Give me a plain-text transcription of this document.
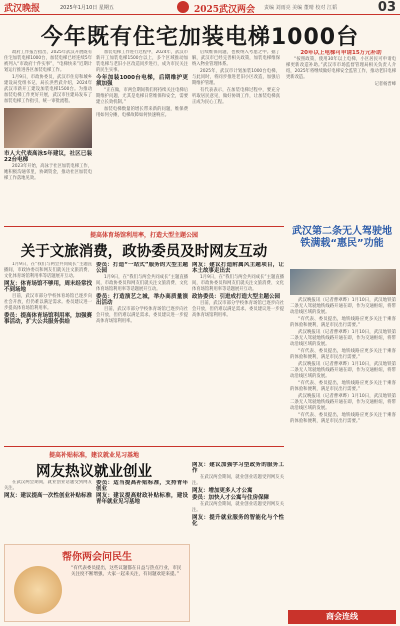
武汉晚报	2025年1月10日 星期五	2025武汉两会 责编 刘雨亮 美编 董晴 校对 江韬	03
今年既有住宅加装电梯1000台

政府工作报告指出，2025年武汉开展既有住宅加装电梯1000台，加装电梯已经连续5年被列入“市政府十件实事”，“电梯快来”近期计划运行推进各区加装电梯工作。

1月9日，市政协委员，武汉市住房和城乡建设局党组书记、局长洪哲武介绍，2024年武汉市新开工建设加装电梯1500台。为推动加装电梯工作更好开展，武汉市住建局发布了加装电梯工作指引，统一审批流程。

市人大代表高泳5年建议，社区已装22台电梯

2023年开始，高泳于社区加装电梯工作，她积极沟通邻里，协调资金，推动社区加装电梯工作落地见效。

加装电梯工作进行过程中，2024年，武汉市新开工加装电梯1500台以上，多个区域推动加装电梯与老旧小区改造同步进行，成为市民关注的民生实事。

今年加装1000台电梯，后期维护更须加强

“正在做，市两会期间我们将持续关注电梯后期维护问题，尤其是电梯日常维保和安全，需要建立长效机制。”

加装电梯数量的增长带来新的问题，维保费用如何分摊，电梯故障如何快速响应。

后续维保问题，也被纳入考虑之中。据了解，武汉市已经完善相关政策，加装电梯维保纳入物业管理体系。

2025年，武汉市计划加装1000台电梯，与此同时，将同步推进老旧小区改造，加强后期维护管理。

有代表表示，在加装电梯过程中，要充分听取居民意见，做好协调工作，让加装电梯真正成为民心工程。

20年以上电梯可申请15万元补助

“按照政策，使用30年以上电梯，小区居民可申请电梯更新改造补助。”武汉市市场监督管理局相关负责人介绍，2025年将继续做好电梯安全监管工作，推动老旧电梯更新改造。

记者杨晋峰

提高体育场馆利用率，打造大型主题公园
关于文旅消费，政协委员及时网友互动

1月9日，在“我们与两会共同成长”主题直播间，市政协委员和网友们就关注文旅消费、文化体育场馆利用率等话题展开互动。

网友：体育场馆不够用，周末经常找不到场地

目前，武汉市部分学校体育场馆已逐步向社会开放，但仍难以满足需求。委员建议进一步提高体育场馆利用率。

委员：提高体育场馆利用率，加强赛事活动，扩大公共服务供给

委员：打造“一站式”服务的大型主题公园

1月9日，在“我们与两会共同成长”主题直播间，市政协委员和网友们就关注文旅消费、文化体育场馆利用率等话题展开互动。

委员：打造演艺之城，举办高质量演出活动

目前，武汉市部分学校体育场馆已逐步向社会开放，但仍难以满足需求。委员建议进一步提高体育场馆利用率。

网友：建议打造附属风主题项目，让本土故事走出去

1月9日，在“我们与两会共同成长”主题直播间，市政协委员和网友们就关注文旅消费、文化体育场馆利用率等话题展开互动。

政协委员：引进成打造大型主题公园

目前，武汉市部分学校体育场馆已逐步向社会开放，但仍难以满足需求。委员建议进一步提高体育场馆利用率。

提高补贴标准，建议就业见习基地
网友热议就业创业

在武汉两会期间，就业创业话题受到网友关注。

网友：建议提高一次性创业补贴标准

委员：适当提高补贴标准，支持青年创业

网友：建议提高财政补贴标准，建设青年就业见习基地

网友：建议加强学习型政务的服务工作

在武汉两会期间，就业创业话题受到网友关注。

网友：增加更多人才公寓

委员：加快人才公寓与住房保障

在武汉两会期间，就业创业话题受到网友关注。

网友：提升就业服务的智能化与个性化

帮你两会问民生
“有代表委员提出，这些议题都在日益与热点行业，市民关注度不断增强，大家一起来关注，有问题欢迎来提。”
武汉第二条无人驾驶地铁满载“惠民”功能

武汉晚报讯（记者曹翠晔）1月10日，武汉地铁第二条无人驾驶地铁线路开通在即，作为交通枢纽，将带动沿线区域的发展。

“有代表、委员提出，地铁线路应更多关注于乘客的体验和便利，满足市民出行需要。”

武汉晚报讯（记者曹翠晔）1月10日，武汉地铁第二条无人驾驶地铁线路开通在即，作为交通枢纽，将带动沿线区域的发展。

“有代表、委员提出，地铁线路应更多关注于乘客的体验和便利，满足市民出行需要。”

武汉晚报讯（记者曹翠晔）1月10日，武汉地铁第二条无人驾驶地铁线路开通在即，作为交通枢纽，将带动沿线区域的发展。

“有代表、委员提出，地铁线路应更多关注于乘客的体验和便利，满足市民出行需要。”

武汉晚报讯（记者曹翠晔）1月10日，武汉地铁第二条无人驾驶地铁线路开通在即，作为交通枢纽，将带动沿线区域的发展。

“有代表、委员提出，地铁线路应更多关注于乘客的体验和便利，满足市民出行需要。”

商会连线
